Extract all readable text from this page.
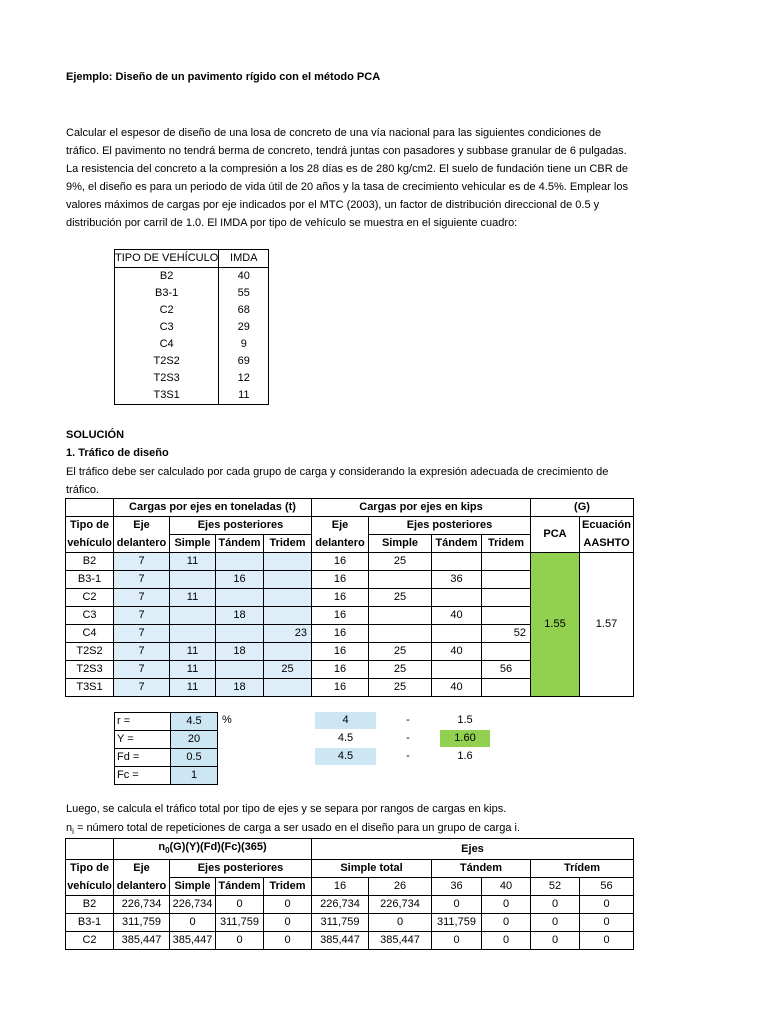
Ejemplo: Diseño de un pavimento rígido con el método PCA
Calcular el espesor de diseño de una losa de concreto de una vía nacional para las siguientes condiciones de
tráfico. El pavimento no tendrá berma de concreto, tendrá juntas con pasadores y subbase granular de 6 pulgadas.
La resistencia del concreto a la compresión a los 28 días es de 280 kg/cm2. El suelo de fundación tiene un CBR de
9%, el diseño es para un periodo de vida útil de 20 años y la tasa de crecimiento vehicular es de 4.5%. Emplear los
valores máximos de cargas por eje indicados por el MTC (2003), un factor de distribución direccional de 0.5 y
distribución por carril de 1.0. El IMDA por tipo de vehículo se muestra en el siguiente cuadro:
TIPO DE VEHÍCULO	IMDA
B2	40
B3-1	55
C2	68
C3	29
C4	9
T2S2	69
T2S3	12
T3S1	11
SOLUCIÓN
1. Tráfico de diseño
El tráfico debe ser calculado por cada grupo de carga y considerando la expresión adecuada de crecimiento de
tráfico.
	Cargas por ejes en toneladas (t)				Cargas por ejes en kips				(G)	
Tipo de	Eje	Ejes posteriores			Eje	Ejes posteriores			PCA	Ecuación
vehículo	delantero	Simple	Tándem	Tridem	delantero	Simple	Tándem	Tridem		AASHTO
B2	7	11			16	25			1.55	1.57
B3-1	7		16		16		36			
C2	7	11			16	25				
C3	7		18		16		40			
C4	7			23	16			52		
T2S2	7	11	18		16	25	40			
T2S3	7	11		25	16	25		56		
T3S1	7	11	18		16	25	40			
r =	4.5
Y =	20
Fd =	0.5
Fc =	1
%	4	-	1.5
4.5	-	1.60
4.5	-	1.6
Luego, se calcula el tráfico total por tipo de ejes y se separa por rangos de cargas en kips.
$n_i$ = número total de repeticiones de carga a ser usado en el diseño para un grupo de carga i.
	$n_0(G)(Y)(Fd)(Fc)(365)$				Ejes					
Tipo de	Eje	Ejes posteriores			Simple total		Tándem		Trídem	
vehículo	delantero	Simple	Tándem	Tridem	16	26	36	40	52	56
B2	226,734	226,734	0	0	226,734	226,734	0	0	0	0
B3-1	311,759	0	311,759	0	311,759	0	311,759	0	0	0
C2	385,447	385,447	0	0	385,447	385,447	0	0	0	0
